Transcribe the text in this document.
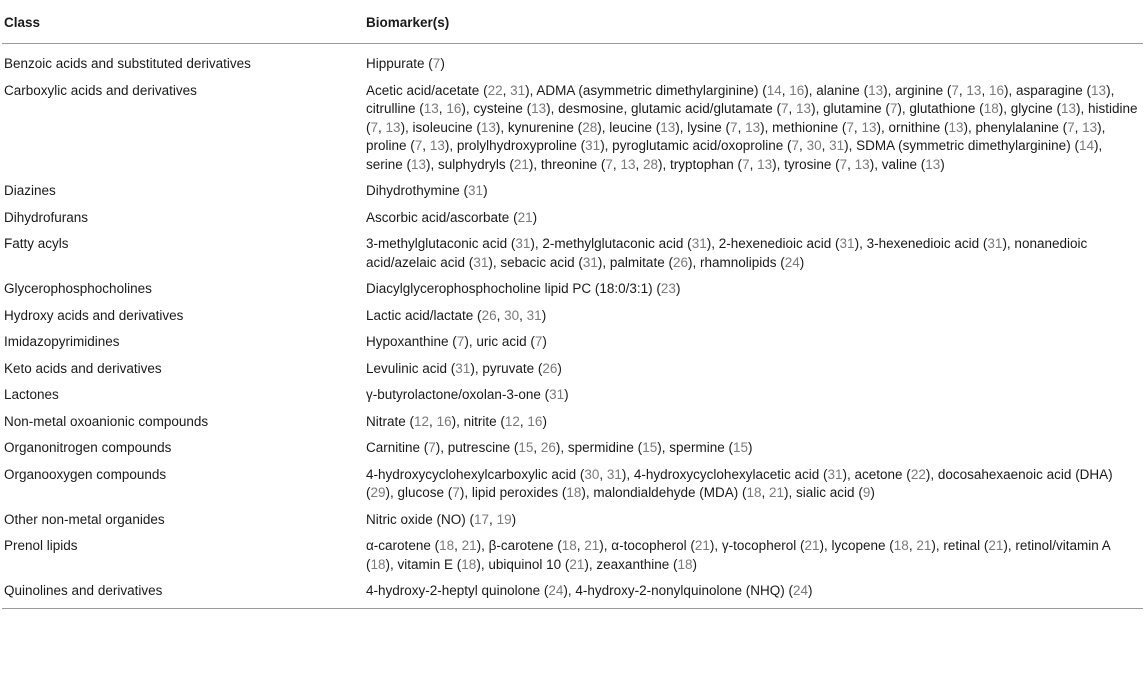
Class	Biomarker(s)
Benzoic acids and substituted derivatives	Hippurate (7)
Carboxylic acids and derivatives	Acetic acid/acetate (22, 31), ADMA (asymmetric dimethylarginine) (14, 16), alanine (13), arginine (7, 13, 16), asparagine (13), citrulline (13, 16), cysteine (13), desmosine, glutamic acid/glutamate (7, 13), glutamine (7), glutathione (18), glycine (13), histidine (7, 13), isoleucine (13), kynurenine (28), leucine (13), lysine (7, 13), methionine (7, 13), ornithine (13), phenylalanine (7, 13), proline (7, 13), prolylhydroxyproline (31), pyroglutamic acid/oxoproline (7, 30, 31), SDMA (symmetric dimethylarginine) (14), serine (13), sulphydryls (21), threonine (7, 13, 28), tryptophan (7, 13), tyrosine (7, 13), valine (13)
Diazines	Dihydrothymine (31)
Dihydrofurans	Ascorbic acid/ascorbate (21)
Fatty acyls	3-methylglutaconic acid (31), 2-methylglutaconic acid (31), 2-hexenedioic acid (31), 3-hexenedioic acid (31), nonanedioic acid/azelaic acid (31), sebacic acid (31), palmitate (26), rhamnolipids (24)
Glycerophosphocholines	Diacylglycerophosphocholine lipid PC (18:0/3:1) (23)
Hydroxy acids and derivatives	Lactic acid/lactate (26, 30, 31)
Imidazopyrimidines	Hypoxanthine (7), uric acid (7)
Keto acids and derivatives	Levulinic acid (31), pyruvate (26)
Lactones	γ-butyrolactone/oxolan-3-one (31)
Non-metal oxoanionic compounds	Nitrate (12, 16), nitrite (12, 16)
Organonitrogen compounds	Carnitine (7), putrescine (15, 26), spermidine (15), spermine (15)
Organooxygen compounds	4-hydroxycyclohexylcarboxylic acid (30, 31), 4-hydroxycyclohexylacetic acid (31), acetone (22), docosahexaenoic acid (DHA) (29), glucose (7), lipid peroxides (18), malondialdehyde (MDA) (18, 21), sialic acid (9)
Other non-metal organides	Nitric oxide (NO) (17, 19)
Prenol lipids	α-carotene (18, 21), β-carotene (18, 21), α-tocopherol (21), γ-tocopherol (21), lycopene (18, 21), retinal (21), retinol/vitamin A (18), vitamin E (18), ubiquinol 10 (21), zeaxanthine (18)
Quinolines and derivatives	4-hydroxy-2-heptyl quinolone (24), 4-hydroxy-2-nonylquinolone (NHQ) (24)
